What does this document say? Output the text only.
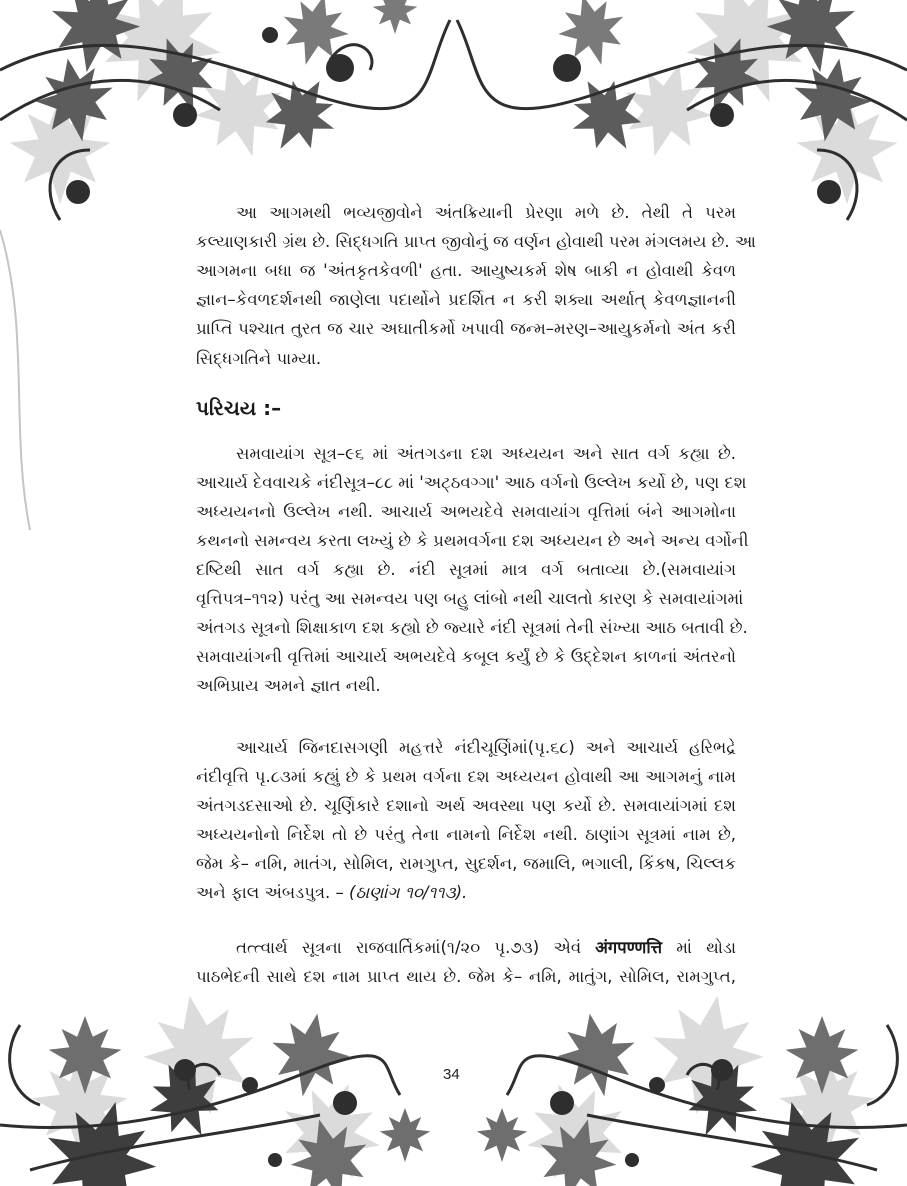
આ આગમથી ભવ્યજીવોને અંતક્રિયાની પ્રેરણા મળે છે. તેથી તે પરમ
કલ્યાણકારી ગ્રંથ છે. સિદ્ધગતિ પ્રાપ્ત જીવોનું જ વર્ણન હોવાથી પરમ મંગલમય છે. આ
આગમના બધા જ 'અંતકૃતકેવળી' હતા. આયુષ્યકર્મ શેષ બાકી ન હોવાથી કેવળ
જ્ઞાન–કેવળદર્શનથી જાણેલા પદાર્થોને પ્રદર્શિત ન કરી શક્યા અર્થાત્ કેવળજ્ઞાનની
પ્રાપ્તિ પશ્ચાત તુરત જ ચાર અઘાતીકર્મો ખપાવી જન્મ–મરણ–આયુકર્મનો અંત કરી
સિદ્ધગતિને પામ્યા.
પરિચય :–
સમવાયાંગ સૂત્ર–૯૬ માં અંતગડના દશ અધ્યયન અને સાત વર્ગ કહ્યા છે.
આચાર્ય દેવવાચકે નંદીસૂત્ર–૮૮ માં 'અટ્ઠવગ્ગા' આઠ વર્ગનો ઉલ્લેખ કર્યો છે, પણ દશ
અધ્યયનનો ઉલ્લેખ નથી. આચાર્ય અભયદેવે સમવાયાંગ વૃત્તિમાં બંને આગમોના
કથનનો સમન્વય કરતા લખ્યું છે કે પ્રથમવર્ગના દશ અધ્યયન છે અને અન્ય વર્ગોની
દષ્ટિથી સાત વર્ગ કહ્યા છે. નંદી સૂત્રમાં માત્ર વર્ગ બતાવ્યા છે.(સમવાયાંગ
વૃત્તિપત્ર–૧૧૨) પરંતુ આ સમન્વય પણ બહુ લાંબો નથી ચાલતો કારણ કે સમવાયાંગમાં
અંતગડ સૂત્રનો શિક્ષાકાળ દશ કહ્યો છે જ્યારે નંદી સૂત્રમાં તેની સંખ્યા આઠ બતાવી છે.
સમવાયાંગની વૃત્તિમાં આચાર્ય અભયદેવે કબૂલ કર્યું છે કે ઉદ્દેશન કાળનાં અંતરનો
અભિપ્રાય અમને જ્ઞાત નથી.
આચાર્ય જિનદાસગણી મહત્તરે નંદીચૂર્ણિમાં(પૃ.૬૮) અને આચાર્ય હરિભદ્રે
નંદીવૃત્તિ પૃ.૮૩માં કહ્યું છે કે પ્રથમ વર્ગના દશ અધ્યયન હોવાથી આ આગમનું નામ
અંતગડદસાઓ છે. ચૂર્ણિકારે દશાનો અર્થ અવસ્થા પણ કર્યો છે. સમવાયાંગમાં દશ
અધ્યયનોનો નિર્દેશ તો છે પરંતુ તેના નામનો નિર્દેશ નથી. ઠાણાંગ સૂત્રમાં નામ છે,
જેમ કે– નમિ, માતંગ, સોમિલ, રામગુપ્ત, સુદર્શન, જમાલિ, ભગાલી, કિંકષ, ચિલ્લક
અને ફાલ અંબડપુત્ર. – (ઠાણાંગ ૧૦/૧૧૩).
તત્ત્વાર્થ સૂત્રના રાજવાર્તિકમાં(૧/૨૦ પૃ.૭૩) એવં अंगपण्णत्ति માં થોડા
પાઠભેદની સાથે દશ નામ પ્રાપ્ત થાય છે. જેમ કે– નમિ, માતુંગ, સોમિલ, રામગુપ્ત,
34
